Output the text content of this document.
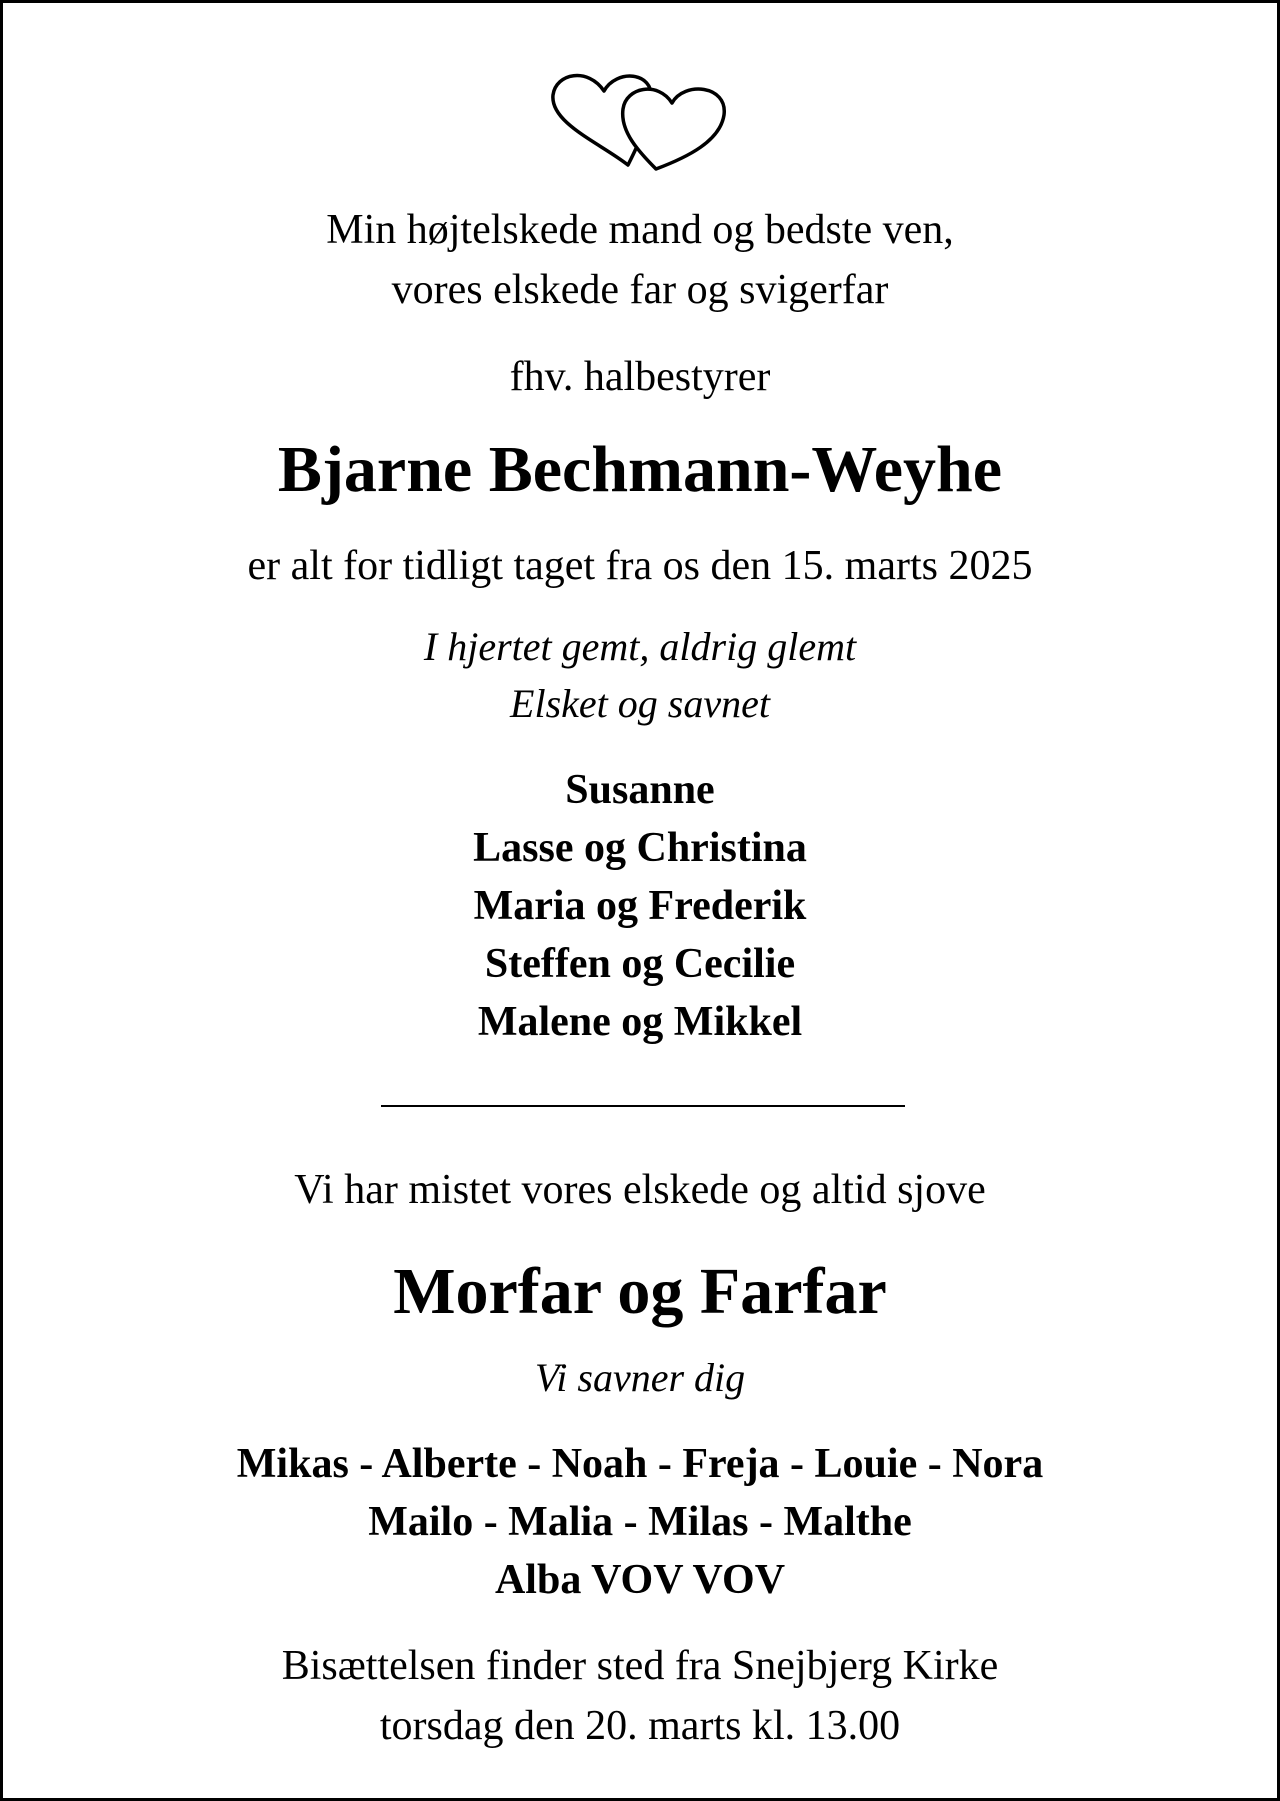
Min højtelskede mand og bedste ven,
vores elskede far og svigerfar
fhv. halbestyrer
Bjarne Bechmann-Weyhe
er alt for tidligt taget fra os den 15. marts 2025
I hjertet gemt, aldrig glemt
Elsket og savnet
Susanne
Lasse og Christina
Maria og Frederik
Steffen og Cecilie
Malene og Mikkel
Vi har mistet vores elskede og altid sjove
Morfar og Farfar
Vi savner dig
Mikas - Alberte - Noah - Freja - Louie - Nora
Mailo - Malia - Milas - Malthe
Alba VOV VOV
Bisættelsen finder sted fra Snejbjerg Kirke
torsdag den 20. marts kl. 13.00
